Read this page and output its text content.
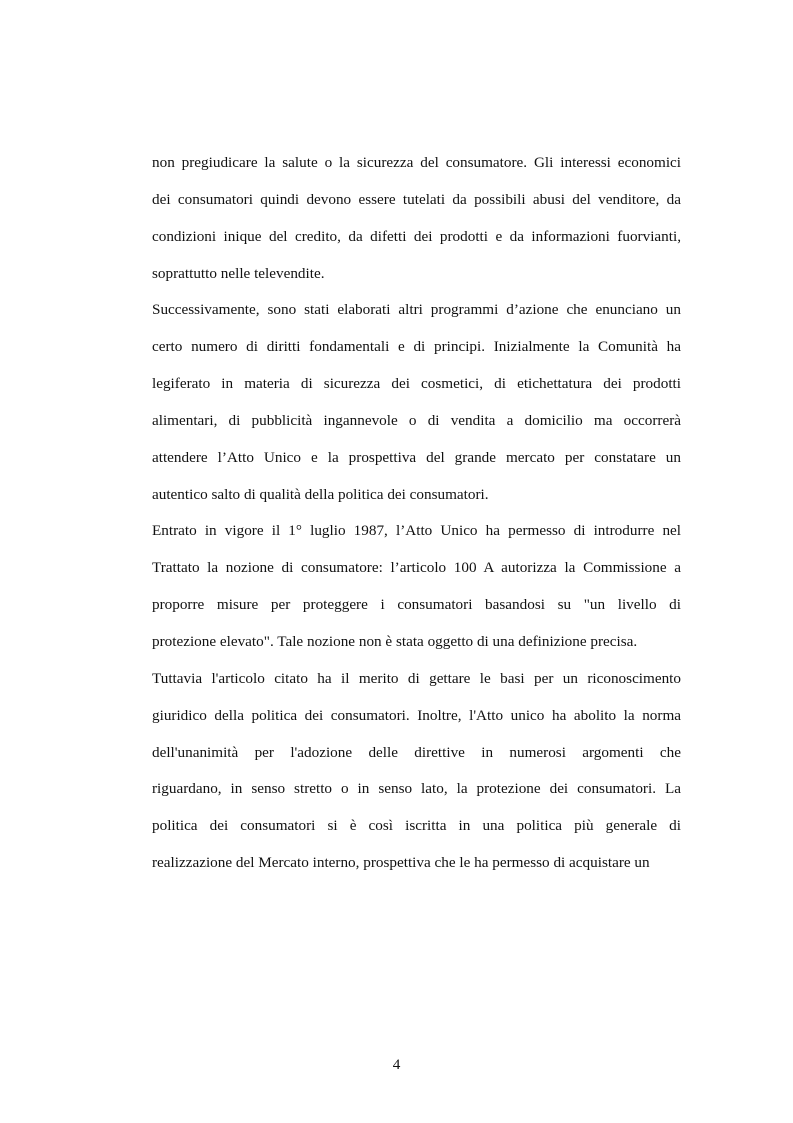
non pregiudicare la salute o la sicurezza del consumatore. Gli interessi economici
dei consumatori quindi devono essere tutelati da possibili abusi del venditore, da
condizioni inique del credito, da difetti dei prodotti e da informazioni fuorvianti,
soprattutto nelle televendite.
Successivamente, sono stati elaborati altri programmi d’azione che enunciano un
certo numero di diritti fondamentali e di principi. Inizialmente la Comunità ha
legiferato in materia di sicurezza dei cosmetici, di etichettatura dei prodotti
alimentari, di pubblicità ingannevole o di vendita a domicilio ma occorrerà
attendere l’Atto Unico e la prospettiva del grande mercato per constatare un
autentico salto di qualità della politica dei consumatori.
Entrato in vigore il 1° luglio 1987, l’Atto Unico ha permesso di introdurre nel
Trattato la nozione di consumatore: l’articolo 100 A autorizza la Commissione a
proporre misure per proteggere i consumatori basandosi su "un livello di
protezione elevato". Tale nozione non è stata oggetto di una definizione precisa.
Tuttavia l'articolo citato ha il merito di gettare le basi per un riconoscimento
giuridico della politica dei consumatori. Inoltre, l'Atto unico ha abolito la norma
dell'unanimità per l'adozione delle direttive in numerosi argomenti che
riguardano, in senso stretto o in senso lato, la protezione dei consumatori. La
politica dei consumatori si è così iscritta in una politica più generale di
realizzazione del Mercato interno, prospettiva che le ha permesso di acquistare un
4
